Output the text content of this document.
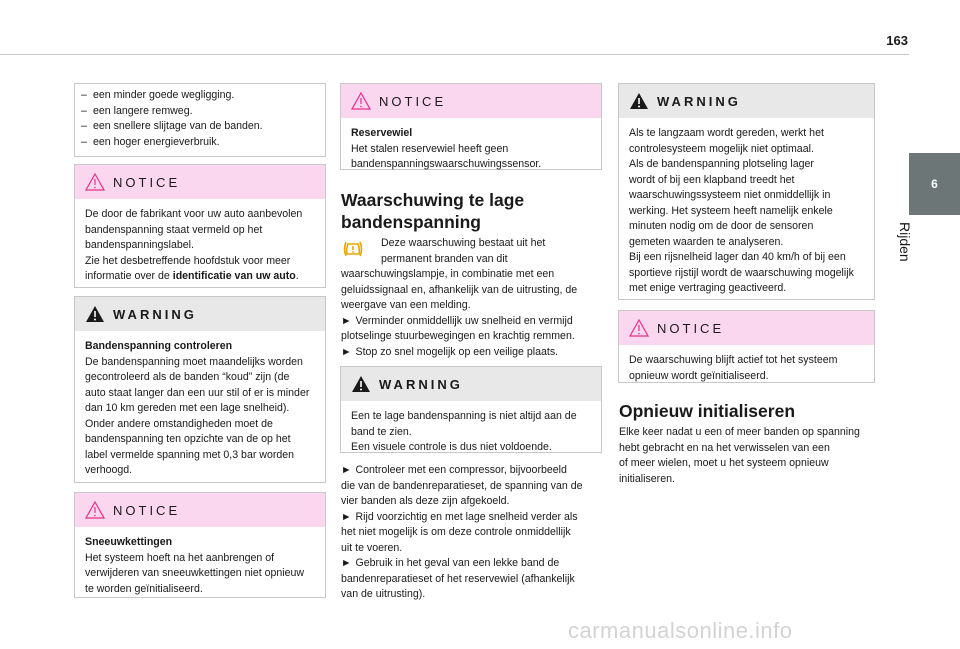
163
6
Rijden
– een minder goede wegligging.
– een langere remweg.
– een snellere slijtage van de banden.
– een hoger energieverbruik.
NOTICE
De door de fabrikant voor uw auto aanbevolen
bandenspanning staat vermeld op het
bandenspanningslabel.
Zie het desbetreffende hoofdstuk voor meer
informatie over de identificatie van uw auto.
WARNING
Bandenspanning controleren
De bandenspanning moet maandelijks worden
gecontroleerd als de banden “koud” zijn (de
auto staat langer dan een uur stil of er is minder
dan 10 km gereden met een lage snelheid).
Onder andere omstandigheden moet de
bandenspanning ten opzichte van de op het
label vermelde spanning met 0,3 bar worden
verhoogd.
NOTICE
Sneeuwkettingen
Het systeem hoeft na het aanbrengen of
verwijderen van sneeuwkettingen niet opnieuw
te worden geïnitialiseerd.
NOTICE
Reservewiel
Het stalen reservewiel heeft geen
bandenspanningswaarschuwingssensor.
Waarschuwing te lage
bandenspanning
Deze waarschuwing bestaat uit het
permanent branden van dit
waarschuwingslampje, in combinatie met een
geluidssignaal en, afhankelijk van de uitrusting, de
weergave van een melding.
► Verminder onmiddellijk uw snelheid en vermijd
plotselinge stuurbewegingen en krachtig remmen.
► Stop zo snel mogelijk op een veilige plaats.
WARNING
Een te lage bandenspanning is niet altijd aan de
band te zien.
Een visuele controle is dus niet voldoende.
► Controleer met een compressor, bijvoorbeeld
die van de bandenreparatieset, de spanning van de
vier banden als deze zijn afgekoeld.
► Rijd voorzichtig en met lage snelheid verder als
het niet mogelijk is om deze controle onmiddellijk
uit te voeren.
► Gebruik in het geval van een lekke band de
bandenreparatieset of het reservewiel (afhankelijk
van de uitrusting).
WARNING
Als te langzaam wordt gereden, werkt het
controlesysteem mogelijk niet optimaal.
Als de bandenspanning plotseling lager
wordt of bij een klapband treedt het
waarschuwingssysteem niet onmiddellijk in
werking. Het systeem heeft namelijk enkele
minuten nodig om de door de sensoren
gemeten waarden te analyseren.
Bij een rijsnelheid lager dan 40 km/h of bij een
sportieve rijstijl wordt de waarschuwing mogelijk
met enige vertraging geactiveerd.
NOTICE
De waarschuwing blijft actief tot het systeem
opnieuw wordt geïnitialiseerd.
Opnieuw initialiseren
Elke keer nadat u een of meer banden op spanning
hebt gebracht en na het verwisselen van een
of meer wielen, moet u het systeem opnieuw
initialiseren.
carmanualsonline.info
